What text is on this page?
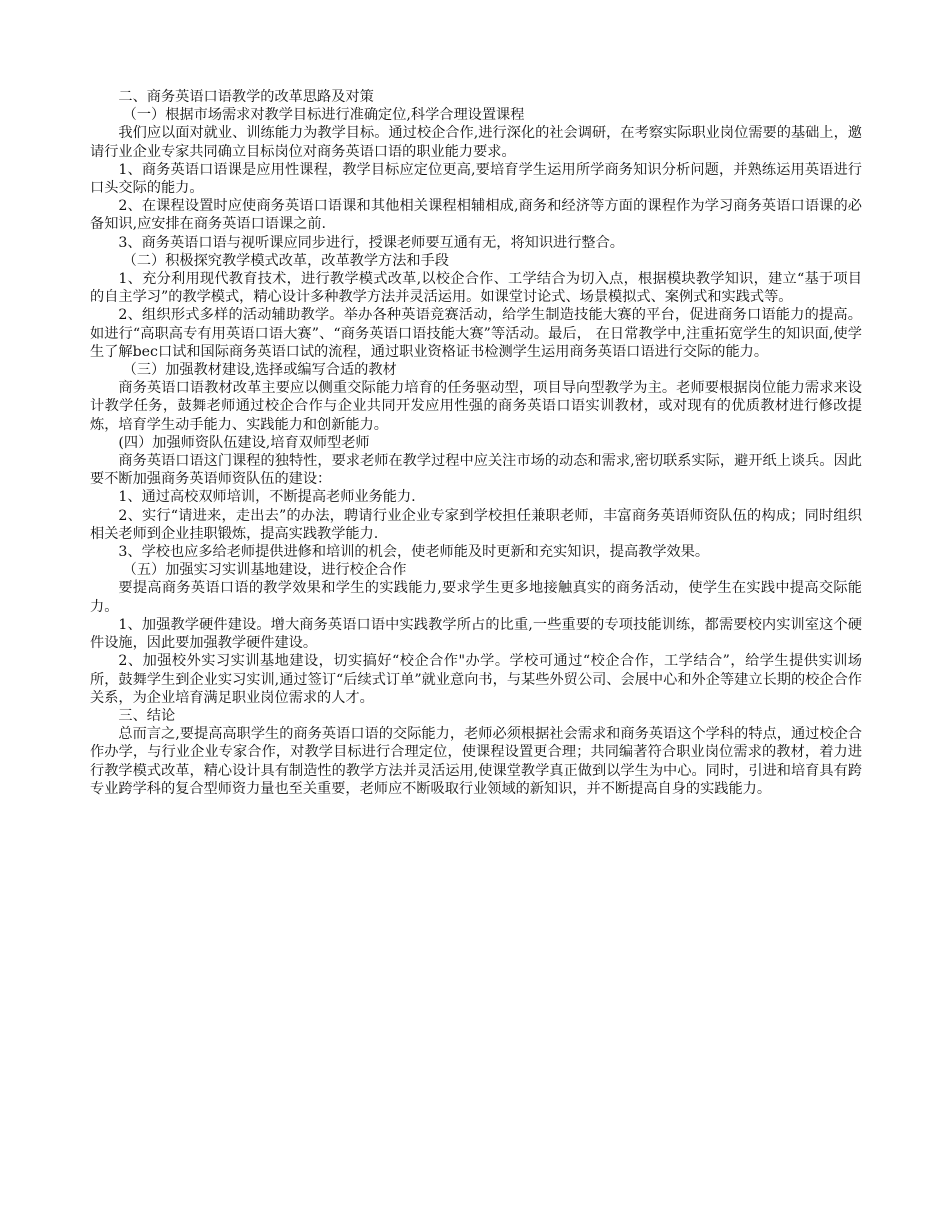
二、商务英语口语教学的改革思路及对策

（一）根据市场需求对教学目标进行准确定位,科学合理设置课程

我们应以面对就业、训练能力为教学目标。通过校企合作,进行深化的社会调研，在考察实际职业岗位需要的基础上，邀请行业企业专家共同确立目标岗位对商务英语口语的职业能力要求。

1、商务英语口语课是应用性课程，教学目标应定位更高,要培育学生运用所学商务知识分析问题，并熟练运用英语进行口头交际的能力。

2、在课程设置时应使商务英语口语课和其他相关课程相辅相成,商务和经济等方面的课程作为学习商务英语口语课的必备知识,应安排在商务英语口语课之前.

3、商务英语口语与视听课应同步进行，授课老师要互通有无，将知识进行整合。

（二）积极探究教学模式改革，改革教学方法和手段

1、充分利用现代教育技术，进行教学模式改革,以校企合作、工学结合为切入点，根据模块教学知识，建立“基于项目的自主学习”的教学模式，精心设计多种教学方法并灵活运用。如课堂讨论式、场景模拟式、案例式和实践式等。

2、组织形式多样的活动辅助教学。举办各种英语竞赛活动，给学生制造技能大赛的平台，促进商务口语能力的提高。如进行“高职高专有用英语口语大赛”、“商务英语口语技能大赛”等活动。最后， 在日常教学中,注重拓宽学生的知识面,使学生了解bec口试和国际商务英语口试的流程，通过职业资格证书检测学生运用商务英语口语进行交际的能力。

（三）加强教材建设,选择或编写合适的教材

商务英语口语教材改革主要应以侧重交际能力培育的任务驱动型，项目导向型教学为主。老师要根据岗位能力需求来设计教学任务，鼓舞老师通过校企合作与企业共同开发应用性强的商务英语口语实训教材，或对现有的优质教材进行修改提炼，培育学生动手能力、实践能力和创新能力。

(四）加强师资队伍建设,培育双师型老师

商务英语口语这门课程的独特性，要求老师在教学过程中应关注市场的动态和需求,密切联系实际，避开纸上谈兵。因此要不断加强商务英语师资队伍的建设：

1、通过高校双师培训，不断提高老师业务能力.

2、实行“请进来，走出去”的办法，聘请行业企业专家到学校担任兼职老师，丰富商务英语师资队伍的构成；同时组织相关老师到企业挂职锻炼，提高实践教学能力.

3、学校也应多给老师提供进修和培训的机会，使老师能及时更新和充实知识，提高教学效果。

（五）加强实习实训基地建设，进行校企合作

要提高商务英语口语的教学效果和学生的实践能力,要求学生更多地接触真实的商务活动，使学生在实践中提高交际能力。

1、加强教学硬件建设。增大商务英语口语中实践教学所占的比重,一些重要的专项技能训练，都需要校内实训室这个硬件设施，因此要加强教学硬件建设。

2、加强校外实习实训基地建设，切实搞好“校企合作"办学。学校可通过“校企合作，工学结合”，给学生提供实训场所，鼓舞学生到企业实习实训,通过签订“后续式订单”就业意向书，与某些外贸公司、会展中心和外企等建立长期的校企合作关系，为企业培育满足职业岗位需求的人才。

三、结论

总而言之,要提高高职学生的商务英语口语的交际能力，老师必须根据社会需求和商务英语这个学科的特点，通过校企合作办学，与行业企业专家合作，对教学目标进行合理定位，使课程设置更合理；共同编著符合职业岗位需求的教材，着力进行教学模式改革，精心设计具有制造性的教学方法并灵活运用,使课堂教学真正做到以学生为中心。同时，引进和培育具有跨专业跨学科的复合型师资力量也至关重要，老师应不断吸取行业领域的新知识，并不断提高自身的实践能力。
